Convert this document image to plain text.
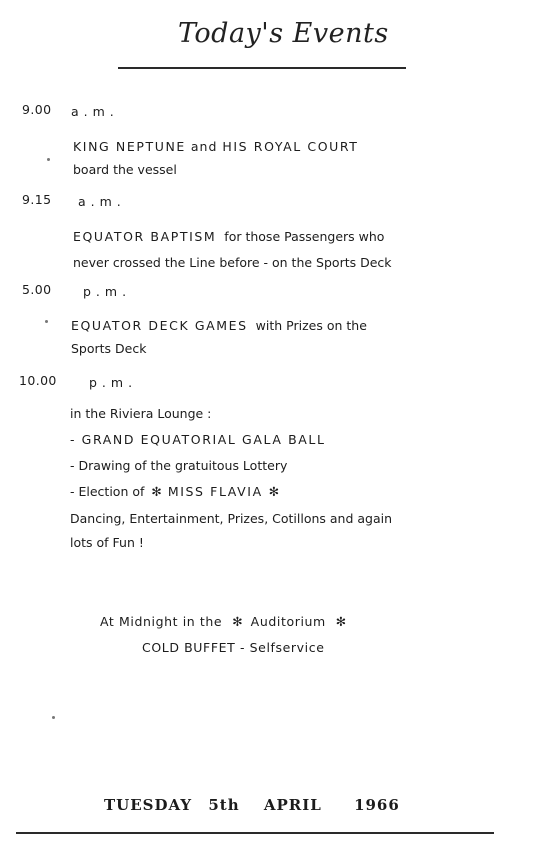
Today's Events
9.00 a.m.
KING NEPTUNE and HIS ROYAL COURT
board the vessel
9.15 a.m.
EQUATOR BAPTISM for those Passengers who
never crossed the Line before - on the Sports Deck
5.00	p.m.
EQUATOR DECK GAMES with Prizes on the
Sports Deck
10.00	p.m.
in the Riviera Lounge :
- GRAND EQUATORIAL GALA BALL
- Drawing of the gratuitous Lottery
- Election of ✻ MISS FLAVIA ✻
Dancing, Entertainment, Prizes, Cotillons and again
lots of Fun !
At Midnight in the ✻ Auditorium ✻
COLD BUFFET - Selfservice
TUESDAY 5th APRIL 1966
